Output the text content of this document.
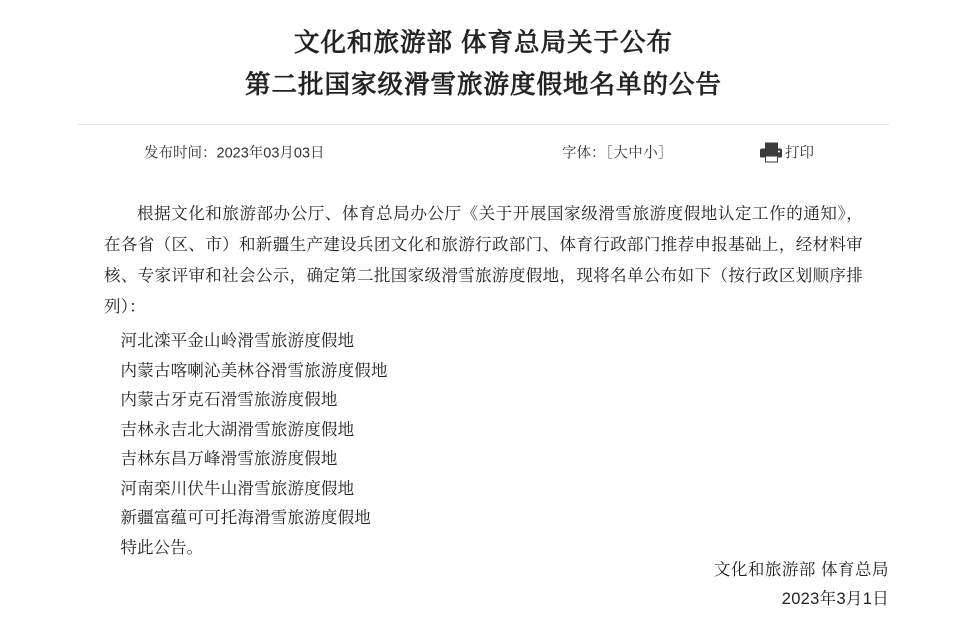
文化和旅游部 体育总局关于公布
第二批国家级滑雪旅游度假地名单的公告
发布时间：2023年03月03日	字体：［大中小］	打印

根据文化和旅游部办公厅、体育总局办公厅《关于开展国家级滑雪旅游度假地认定工作的通知》，在各省（区、市）和新疆生产建设兵团文化和旅游行政部门、体育行政部门推荐申报基础上，经材料审核、专家评审和社会公示，确定第二批国家级滑雪旅游度假地，现将名单公布如下（按行政区划顺序排列）：

河北滦平金山岭滑雪旅游度假地
内蒙古喀喇沁美林谷滑雪旅游度假地
内蒙古牙克石滑雪旅游度假地
吉林永吉北大湖滑雪旅游度假地
吉林东昌万峰滑雪旅游度假地
河南栾川伏牛山滑雪旅游度假地
新疆富蕴可可托海滑雪旅游度假地

特此公告。

文化和旅游部 体育总局
2023年3月1日
